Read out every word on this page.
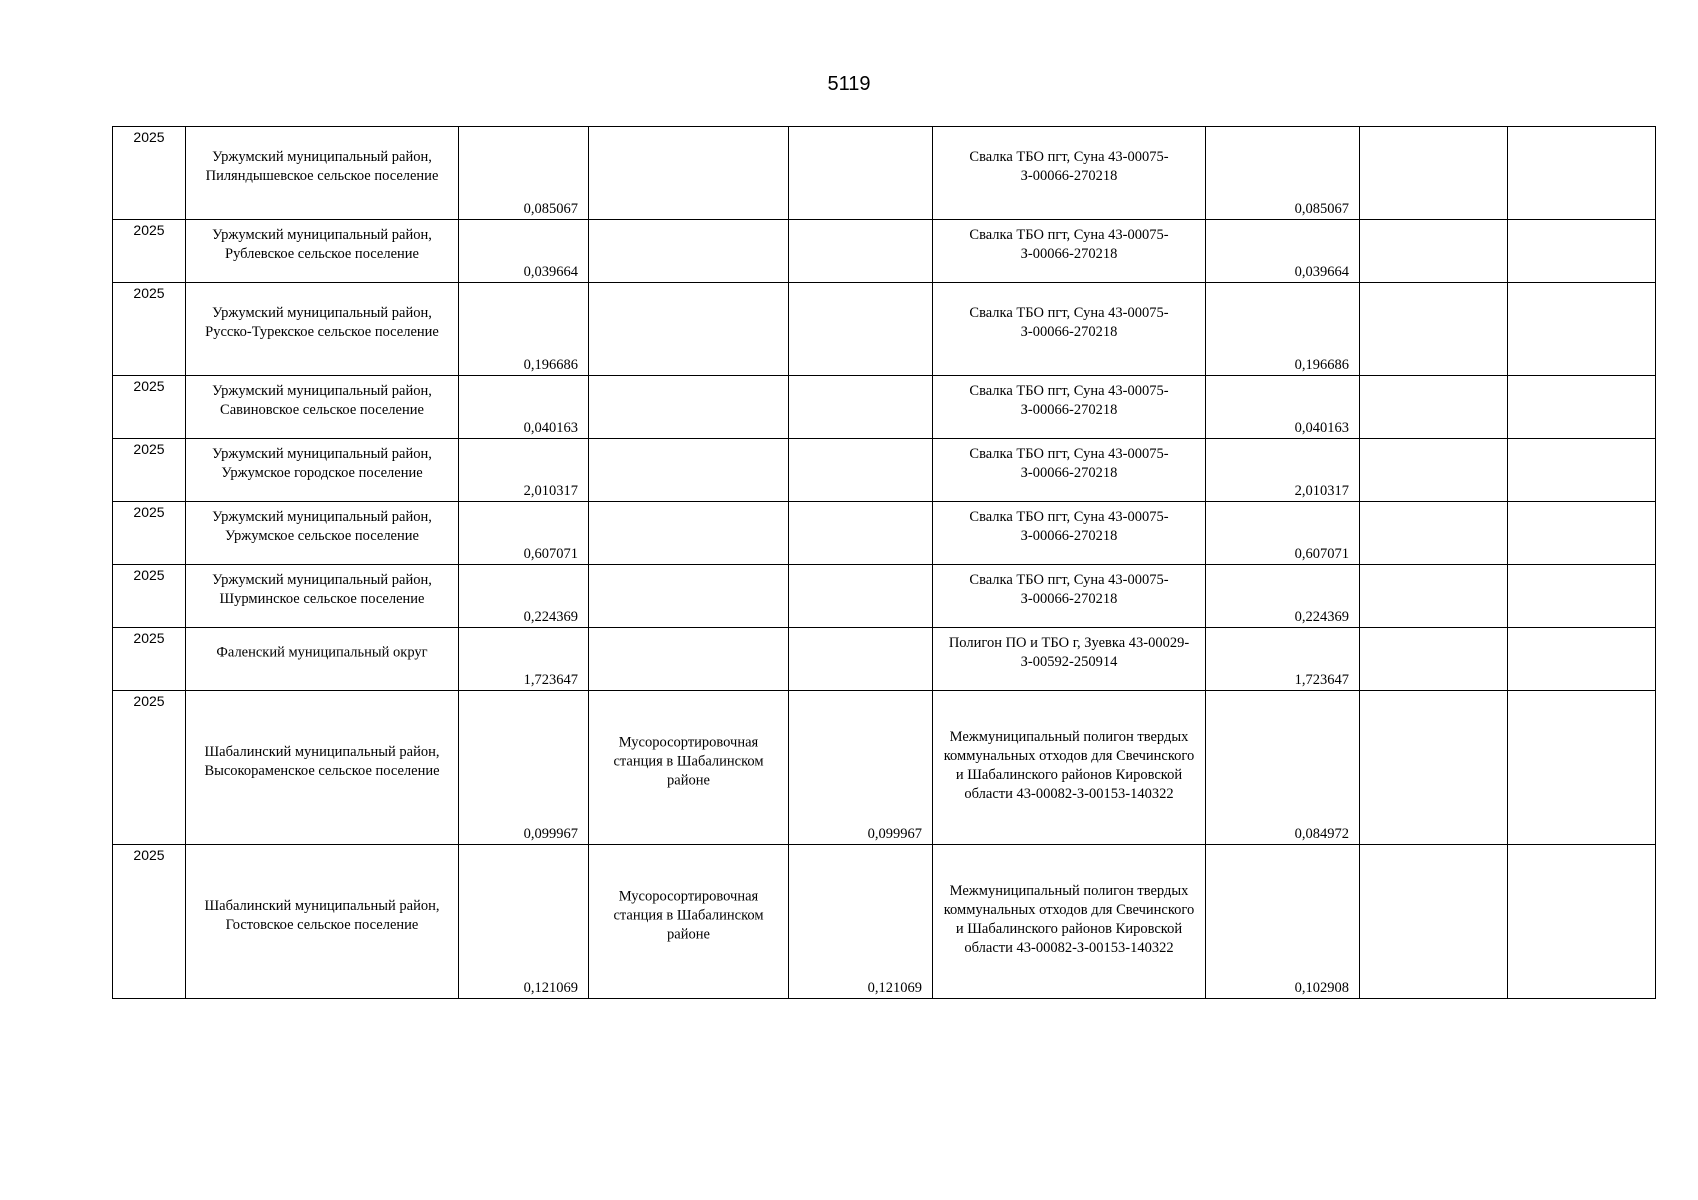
5119
2025	Уржумский муниципальный район, Пиляндышевское сельское поселение	0,085067			Свалка ТБО пгт, Суна 43-00075-З-00066-270218	0,085067		

2025	Уржумский муниципальный район, Рублевское сельское поселение	0,039664			Свалка ТБО пгт, Суна 43-00075-З-00066-270218	0,039664		

2025	Уржумский муниципальный район, Русско-Турекское сельское поселение	0,196686			Свалка ТБО пгт, Суна 43-00075-З-00066-270218	0,196686		

2025	Уржумский муниципальный район, Савиновское сельское поселение	0,040163			Свалка ТБО пгт, Суна 43-00075-З-00066-270218	0,040163		

2025	Уржумский муниципальный район, Уржумское городское поселение	2,010317			Свалка ТБО пгт, Суна 43-00075-З-00066-270218	2,010317		

2025	Уржумский муниципальный район, Уржумское сельское поселение	0,607071			Свалка ТБО пгт, Суна 43-00075-З-00066-270218	0,607071		

2025	Уржумский муниципальный район, Шурминское сельское поселение	0,224369			Свалка ТБО пгт, Суна 43-00075-З-00066-270218	0,224369		

2025	Фаленский муниципальный округ	1,723647			Полигон ПО и ТБО г, Зуевка 43-00029-З-00592-250914	1,723647		

2025	Шабалинский муниципальный район, Высокораменское сельское поселение	0,099967	Мусоросортировочная станция в Шабалинском районе	0,099967	Межмуниципальный полигон твердых коммунальных отходов для Свечинского и Шабалинского районов Кировской области 43-00082-З-00153-140322	0,084972		

2025	Шабалинский муниципальный район, Гостовское сельское поселение	0,121069	Мусоросортировочная станция в Шабалинском районе	0,121069	Межмуниципальный полигон твердых коммунальных отходов для Свечинского и Шабалинского районов Кировской области 43-00082-З-00153-140322	0,102908		
